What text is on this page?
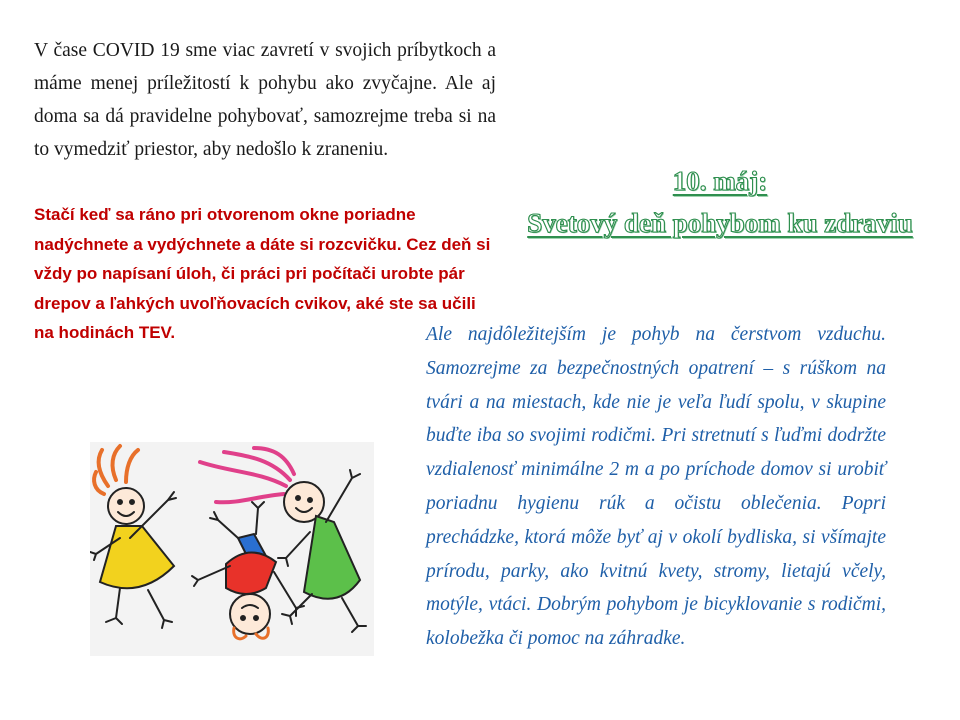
V čase COVID 19 sme viac zavretí v svojich príbytkoch a máme menej príležitostí k pohybu ako zvyčajne. Ale aj doma sa dá pravidelne pohybovať, samozrejme treba si na to vymedziť priestor, aby nedošlo k zraneniu.
Stačí keď sa ráno pri otvorenom okne poriadne nadýchnete a vydýchnete a dáte si rozcvičku. Cez deň si vždy po napísaní úloh, či práci pri počítači urobte pár drepov a ľahkých uvoľňovacích cvikov, aké ste sa učili na hodinách TEV.
10. máj:
Svetový deň pohybom ku zdraviu
Ale najdôležitejším je pohyb na čerstvom vzduchu. Samozrejme za bezpečnostných opatrení – s rúškom na tvári a na miestach, kde nie je veľa ľudí spolu, v skupine buďte iba so svojimi rodičmi. Pri stretnutí s ľuďmi dodržte vzdialenosť minimálne 2 m a po príchode domov si urobiť poriadnu hygienu rúk a očistu oblečenia. Popri prechádzke, ktorá môže byť aj v okolí bydliska, si všímajte prírodu, parky, ako kvitnú kvety, stromy, lietajú včely, motýle, vtáci. Dobrým pohybom je bicyklovanie s rodičmi, kolobežka či pomoc na záhradke.
